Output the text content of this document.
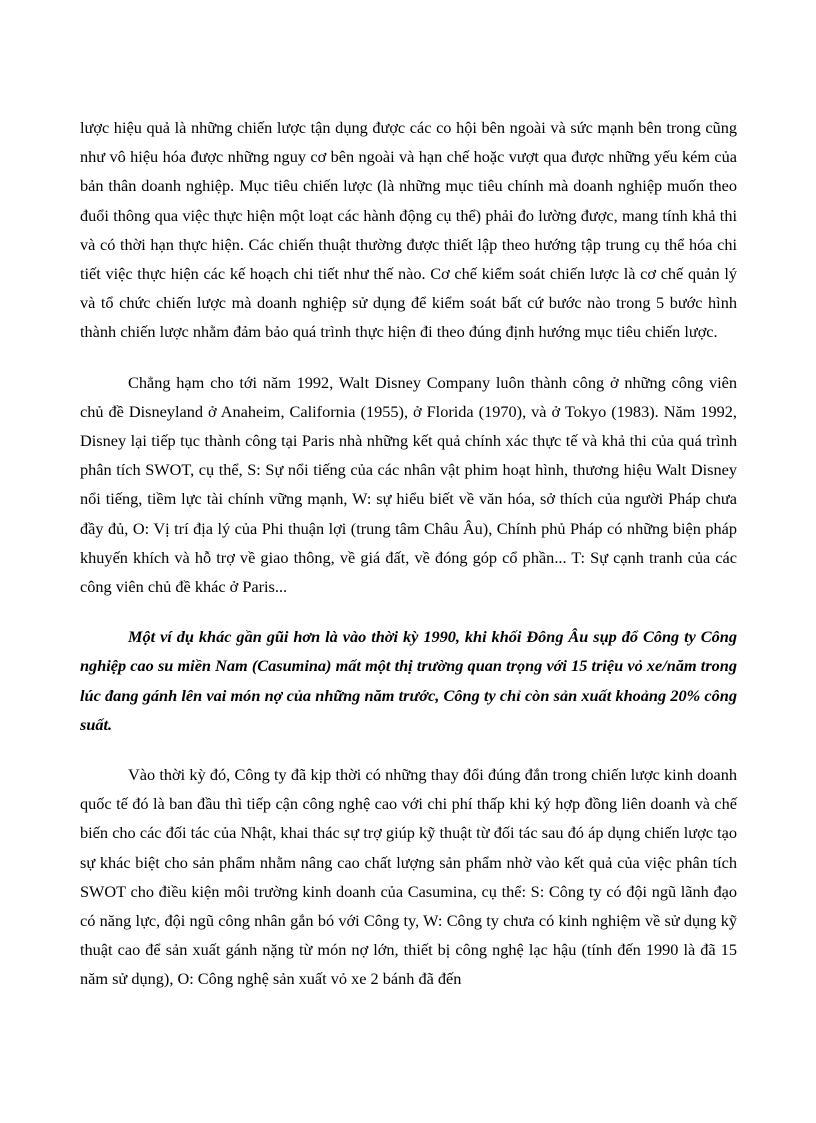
lược hiệu quả là những chiến lược tận dụng được các co hội bên ngoài và sức mạnh bên trong cũng như vô hiệu hóa được những nguy cơ bên ngoài và hạn chế hoặc vượt qua được những yếu kém của bản thân doanh nghiệp. Mục tiêu chiến lược (là những mục tiêu chính mà doanh nghiệp muốn theo đuổi thông qua việc thực hiện một loạt các hành động cụ thể) phải đo lường được, mang tính khả thi và có thời hạn thực hiện. Các chiến thuật thường được thiết lập theo hướng tập trung cụ thể hóa chi tiết việc thực hiện các kế hoạch chi tiết như thế nào. Cơ chế kiểm soát chiến lược là cơ chế quản lý và tổ chức chiến lược mà doanh nghiệp sử dụng để kiểm soát bất cứ bước nào trong 5 bước hình thành chiến lược nhằm đảm bảo quá trình thực hiện đi theo đúng định hướng mục tiêu chiến lược.

Chẳng hạm cho tới năm 1992, Walt Disney Company luôn thành công ở những công viên chủ đề Disneyland ở Anaheim, California (1955), ở Florida (1970), và ở Tokyo (1983). Năm 1992, Disney lại tiếp tục thành công tại Paris nhà những kết quả chính xác thực tế và khả thi của quá trình phân tích SWOT, cụ thể, S: Sự nổi tiếng của các nhân vật phim hoạt hình, thương hiệu Walt Disney nổi tiếng, tiềm lực tài chính vững mạnh, W: sự hiểu biết về văn hóa, sở thích của người Pháp chưa đầy đủ, O: Vị trí địa lý của Phi thuận lợi (trung tâm Châu Âu), Chính phủ Pháp có những biện pháp khuyến khích và hỗ trợ về giao thông, về giá đất, về đóng góp cổ phần... T: Sự cạnh tranh của các công viên chủ đề khác ở Paris...

Một ví dụ khác gần gũi hơn là vào thời kỳ 1990, khi khối Đông Âu sụp đổ Công ty Công nghiệp cao su miền Nam (Casumina) mất một thị trường quan trọng với 15 triệu vỏ xe/năm trong lúc đang gánh lên vai món nợ của những năm trước, Công ty chỉ còn sản xuất khoảng 20% công suất.

Vào thời kỳ đó, Công ty đã kịp thời có những thay đổi đúng đắn trong chiến lược kinh doanh quốc tế đó là ban đầu thì tiếp cận công nghệ cao với chi phí thấp khi ký hợp đồng liên doanh và chế biến cho các đối tác của Nhật, khai thác sự trợ giúp kỹ thuật từ đối tác sau đó áp dụng chiến lược tạo sự khác biệt cho sản phẩm nhằm nâng cao chất lượng sản phẩm nhờ vào kết quả của việc phân tích SWOT cho điều kiện môi trường kinh doanh của Casumina, cụ thể: S: Công ty có đội ngũ lãnh đạo có năng lực, đội ngũ công nhân gắn bó với Công ty, W: Công ty chưa có kinh nghiệm về sử dụng kỹ thuật cao để sản xuất gánh nặng từ món nợ lớn, thiết bị công nghệ lạc hậu (tính đến 1990 là đã 15 năm sử dụng), O: Công nghệ sản xuất vỏ xe 2 bánh đã đến
